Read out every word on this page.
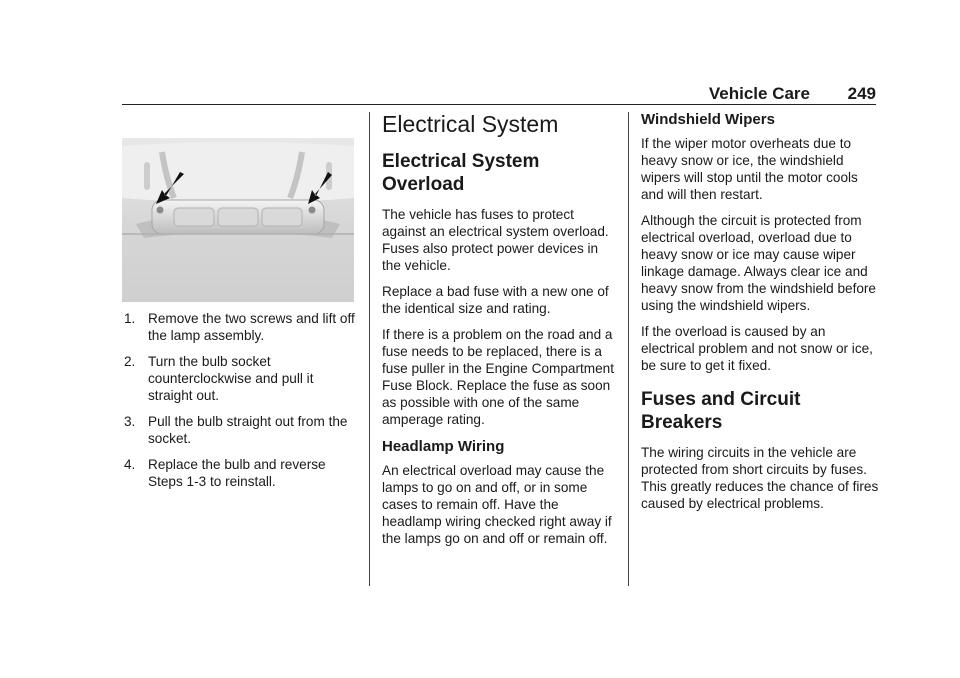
Vehicle Care 249
1. Remove the two screws and lift off the lamp assembly.
2. Turn the bulb socket counterclockwise and pull it straight out.
3. Pull the bulb straight out from the socket.
4. Replace the bulb and reverse Steps 1-3 to reinstall.
Electrical System
Electrical System Overload

The vehicle has fuses to protect against an electrical system overload. Fuses also protect power devices in the vehicle.

Replace a bad fuse with a new one of the identical size and rating.

If there is a problem on the road and a fuse needs to be replaced, there is a fuse puller in the Engine Compartment Fuse Block. Replace the fuse as soon as possible with one of the same amperage rating.

Headlamp Wiring

An electrical overload may cause the lamps to go on and off, or in some cases to remain off. Have the headlamp wiring checked right away if the lamps go on and off or remain off.

Windshield Wipers

If the wiper motor overheats due to heavy snow or ice, the windshield wipers will stop until the motor cools and will then restart.

Although the circuit is protected from electrical overload, overload due to heavy snow or ice may cause wiper linkage damage. Always clear ice and heavy snow from the windshield before using the windshield wipers.

If the overload is caused by an electrical problem and not snow or ice, be sure to get it fixed.

Fuses and Circuit Breakers

The wiring circuits in the vehicle are protected from short circuits by fuses. This greatly reduces the chance of fires caused by electrical problems.
